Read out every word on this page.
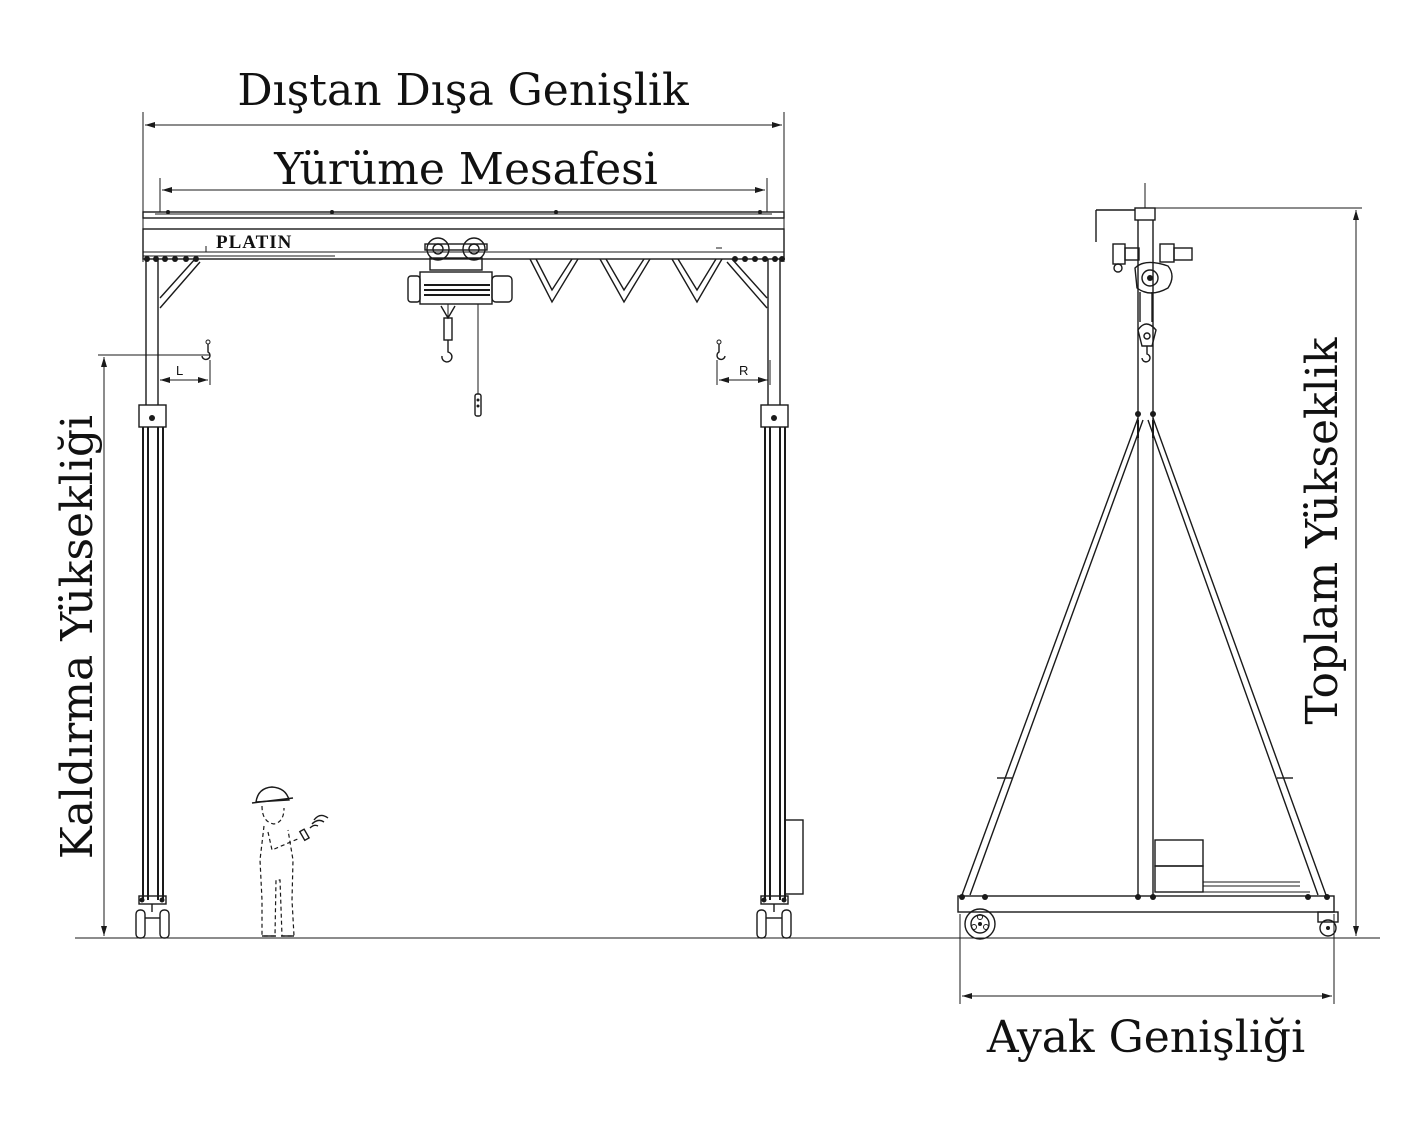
Dıştan Dışa Genişlik
Yürüme Mesafesi
PLATIN
Kaldırma Yüksekliği
L	R	Toplam Yükseklik
Ayak Genişliği
